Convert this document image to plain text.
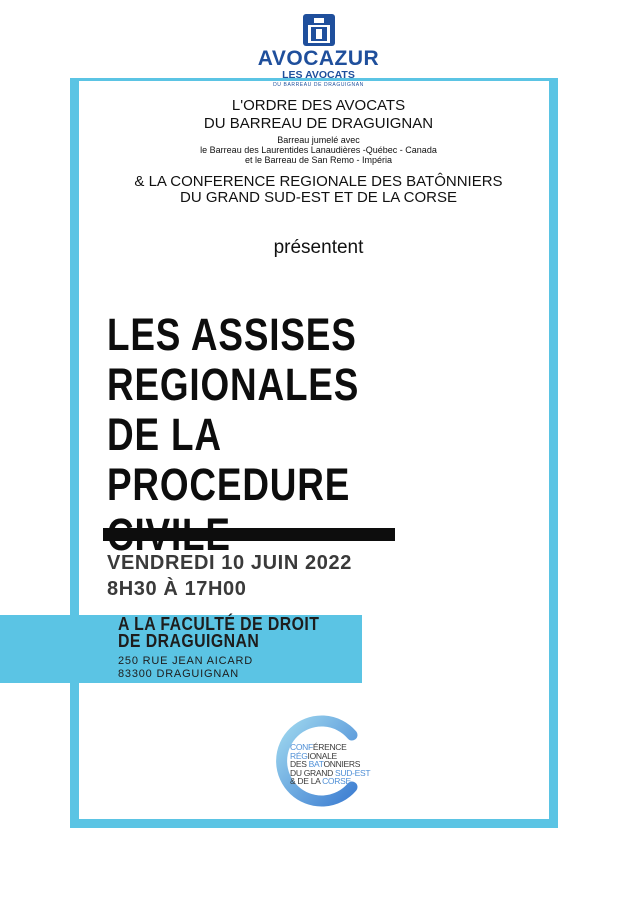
AVOCAZUR
LES AVOCATS
DU BARREAU DE DRAGUIGNAN
L'ORDRE DES AVOCATS
DU BARREAU DE DRAGUIGNAN
Barreau jumelé avec
le Barreau des Laurentides Lanaudières -Québec - Canada
et le Barreau de San Remo - Impéria
& LA CONFERENCE REGIONALE DES BATÔNNIERS
DU GRAND SUD-EST ET DE LA CORSE
présentent
LES ASSISES
REGIONALES
DE LA
PROCEDURE
VENDREDI 10 JUIN 2022
8H30 À 17H00
A LA FACULTÉ DE DROIT
DE DRAGUIGNAN
250 RUE JEAN AICARD
83300 DRAGUIGNAN
CONFÉRENCE
RÉGIONALE
DES BATONNIERS
DU GRAND SUD-EST
& DE LA CORSE
